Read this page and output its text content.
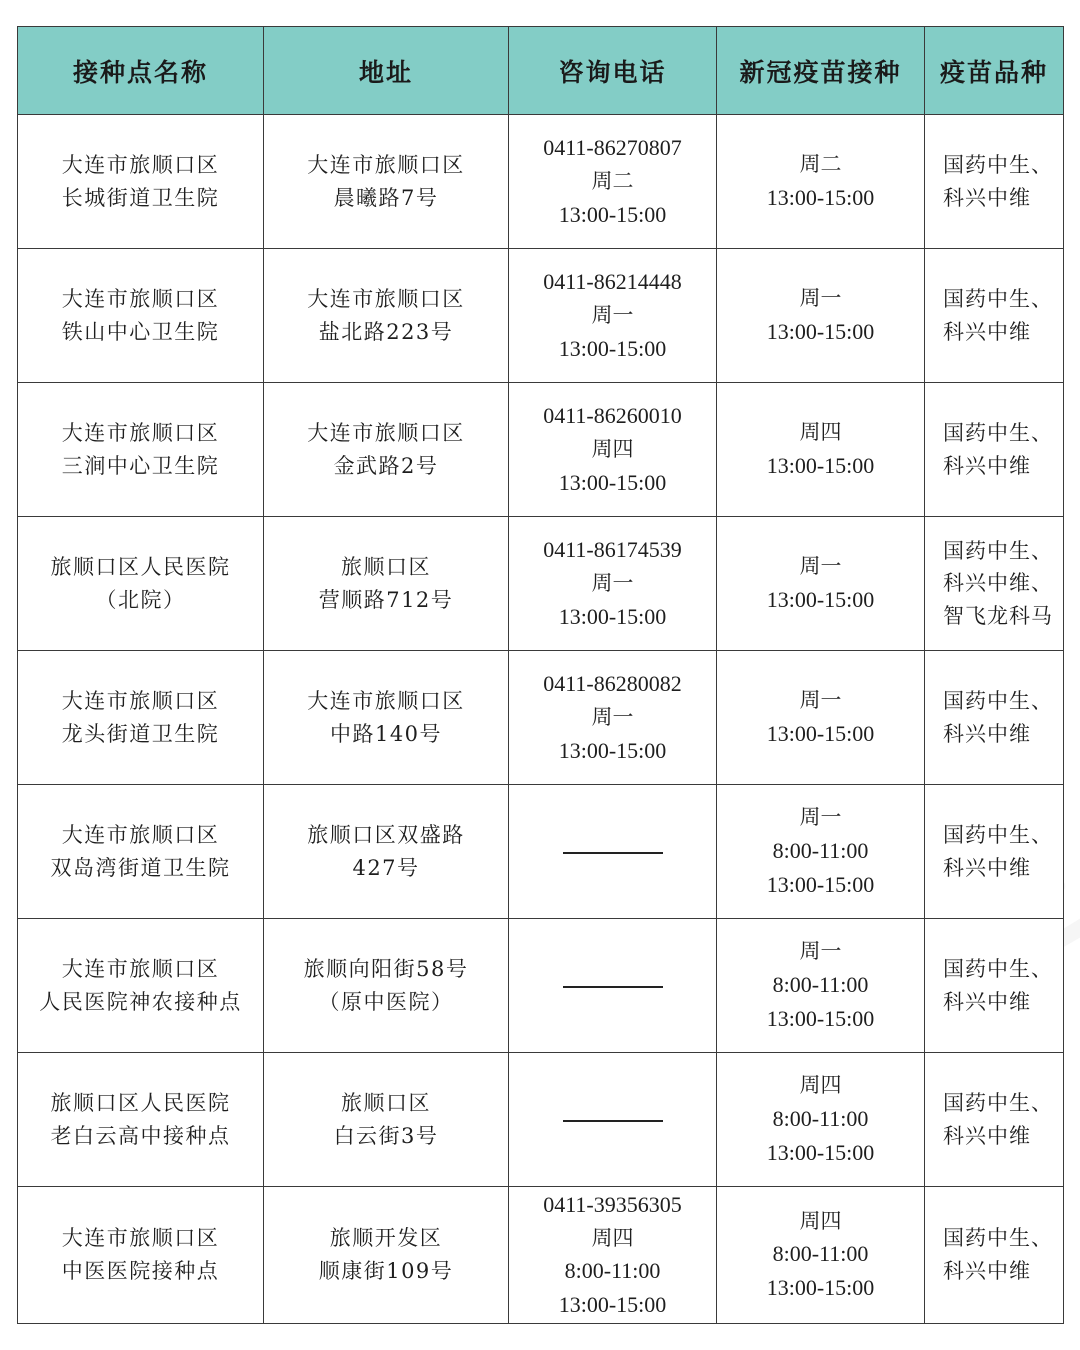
接种点名称	地址	咨询电话	新冠疫苗接种	疫苗品种

大连市旅顺口区
长城街道卫生院	大连市旅顺口区
晨曦路7号	0411-86270807
周二
13:00-15:00	周二
13:00-15:00	国药中生、
科兴中维

大连市旅顺口区
铁山中心卫生院	大连市旅顺口区
盐北路223号	0411-86214448
周一
13:00-15:00	周一
13:00-15:00	国药中生、
科兴中维

大连市旅顺口区
三涧中心卫生院	大连市旅顺口区
金武路2号	0411-86260010
周四
13:00-15:00	周四
13:00-15:00	国药中生、
科兴中维

旅顺口区人民医院
（北院）	旅顺口区
营顺路712号	0411-86174539
周一
13:00-15:00	周一
13:00-15:00	国药中生、
科兴中维、
智飞龙科马

大连市旅顺口区
龙头街道卫生院	大连市旅顺口区
中路140号	0411-86280082
周一
13:00-15:00	周一
13:00-15:00	国药中生、
科兴中维

大连市旅顺口区
双岛湾街道卫生院	旅顺口区双盛路
427号		周一
8:00-11:00
13:00-15:00	国药中生、
科兴中维

大连市旅顺口区
人民医院神农接种点	旅顺向阳街58号
（原中医院）		周一
8:00-11:00
13:00-15:00	国药中生、
科兴中维

旅顺口区人民医院
老白云高中接种点	旅顺口区
白云街3号		周四
8:00-11:00
13:00-15:00	国药中生、
科兴中维

大连市旅顺口区
中医医院接种点	旅顺开发区
顺康街109号	0411-39356305
周四
8:00-11:00
13:00-15:00	周四
8:00-11:00
13:00-15:00	国药中生、
科兴中维
